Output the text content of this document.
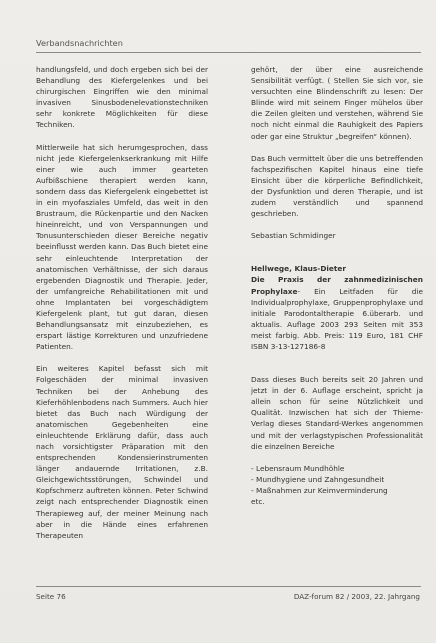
Verbandsnachrichten

handlungsfeld, und doch ergeben sich bei der Behandlung des Kiefergelenkes und bei chirurgischen Eingriffen wie den minimal invasiven Sinusbodenelevationstechniken sehr konkrete Möglichkeiten für diese Techniken.

Mittlerweile hat sich herumgesprochen, dass nicht jede Kiefergelenkserkrankung mit Hilfe einer wie auch immer gearteten Aufbißschiene therapiert werden kann, sondern dass das Kiefergelenk eingebettet ist in ein myofasziales Umfeld, das weit in den Brustraum, die Rückenpartie und den Nacken hineinreicht, und von Verspannungen und Tonusunterschieden dieser Bereiche negativ beeinflusst werden kann. Das Buch bietet eine sehr einleuchtende Interpretation der anatomischen Verhältnisse, der sich daraus ergebenden Diagnostik und Therapie. Jeder, der umfangreiche Rehabilitationen mit und ohne Implantaten bei vorgeschädigtem Kiefergelenk plant, tut gut daran, diesen Behandlungsansatz mit einzubeziehen, es erspart lästige Korrekturen und unzufriedene Patienten.

Ein weiteres Kapitel befasst sich mit Folgeschäden der minimal invasiven Techniken bei der Anhebung des Kieferhöhlenbodens nach Summers. Auch hier bietet das Buch nach Würdigung der anatomischen Gegebenheiten eine einleuchtende Erklärung dafür, dass auch nach vorsichtigster Präparation mit den entsprechenden Kondensierinstrumenten länger andauernde Irritationen, z.B. Gleichgewichtsstörungen, Schwindel und Kopfschmerz auftreten können. Peter Schwind zeigt nach entsprechender Diagnostik einen Therapieweg auf, der meiner Meinung nach aber in die Hände eines erfahrenen Therapeuten

gehört, der über eine ausreichende Sensibilität verfügt. ( Stellen Sie sich vor, sie versuchten eine Blindenschrift zu lesen: Der Blinde wird mit seinem Finger mühelos über die Zeilen gleiten und verstehen, während Sie noch nicht einmal die Rauhigkeit des Papiers oder gar eine Struktur „begreifen“ können).

Das Buch vermittelt über die uns betreffenden fachspezifischen Kapitel hinaus eine tiefe Einsicht über die körperliche Befindlichkeit, der Dysfunktion und deren Therapie, und ist zudem verständlich und spannend geschrieben.

Sebastian Schmidinger

Hellwege, Klaus-Dieter
Die Praxis der zahnmedizinischen Prophylaxe- Ein Leitfaden für die Individualprophylaxe, Gruppenprophylaxe und initiale Parodontaltherapie 6.überarb. und aktualis. Auflage 2003 293 Seiten mit 353 meist farbig. Abb. Preis: 119 Euro, 181 CHF ISBN 3-13-127186-8

Dass dieses Buch bereits seit 20 Jahren und jetzt in der 6. Auflage erscheint, spricht ja allein schon für seine Nützlichkeit und Qualität. Inzwischen hat sich der Thieme-Verlag dieses Standard-Werkes angenommen und mit der verlagstypischen Professionalität die einzelnen Bereiche

- Lebensraum Mundhöhle
- Mundhygiene und Zahngesundheit
- Maßnahmen zur Keimverminderung
etc.
Seite 76	DAZ-forum 82 / 2003, 22. Jahrgang
